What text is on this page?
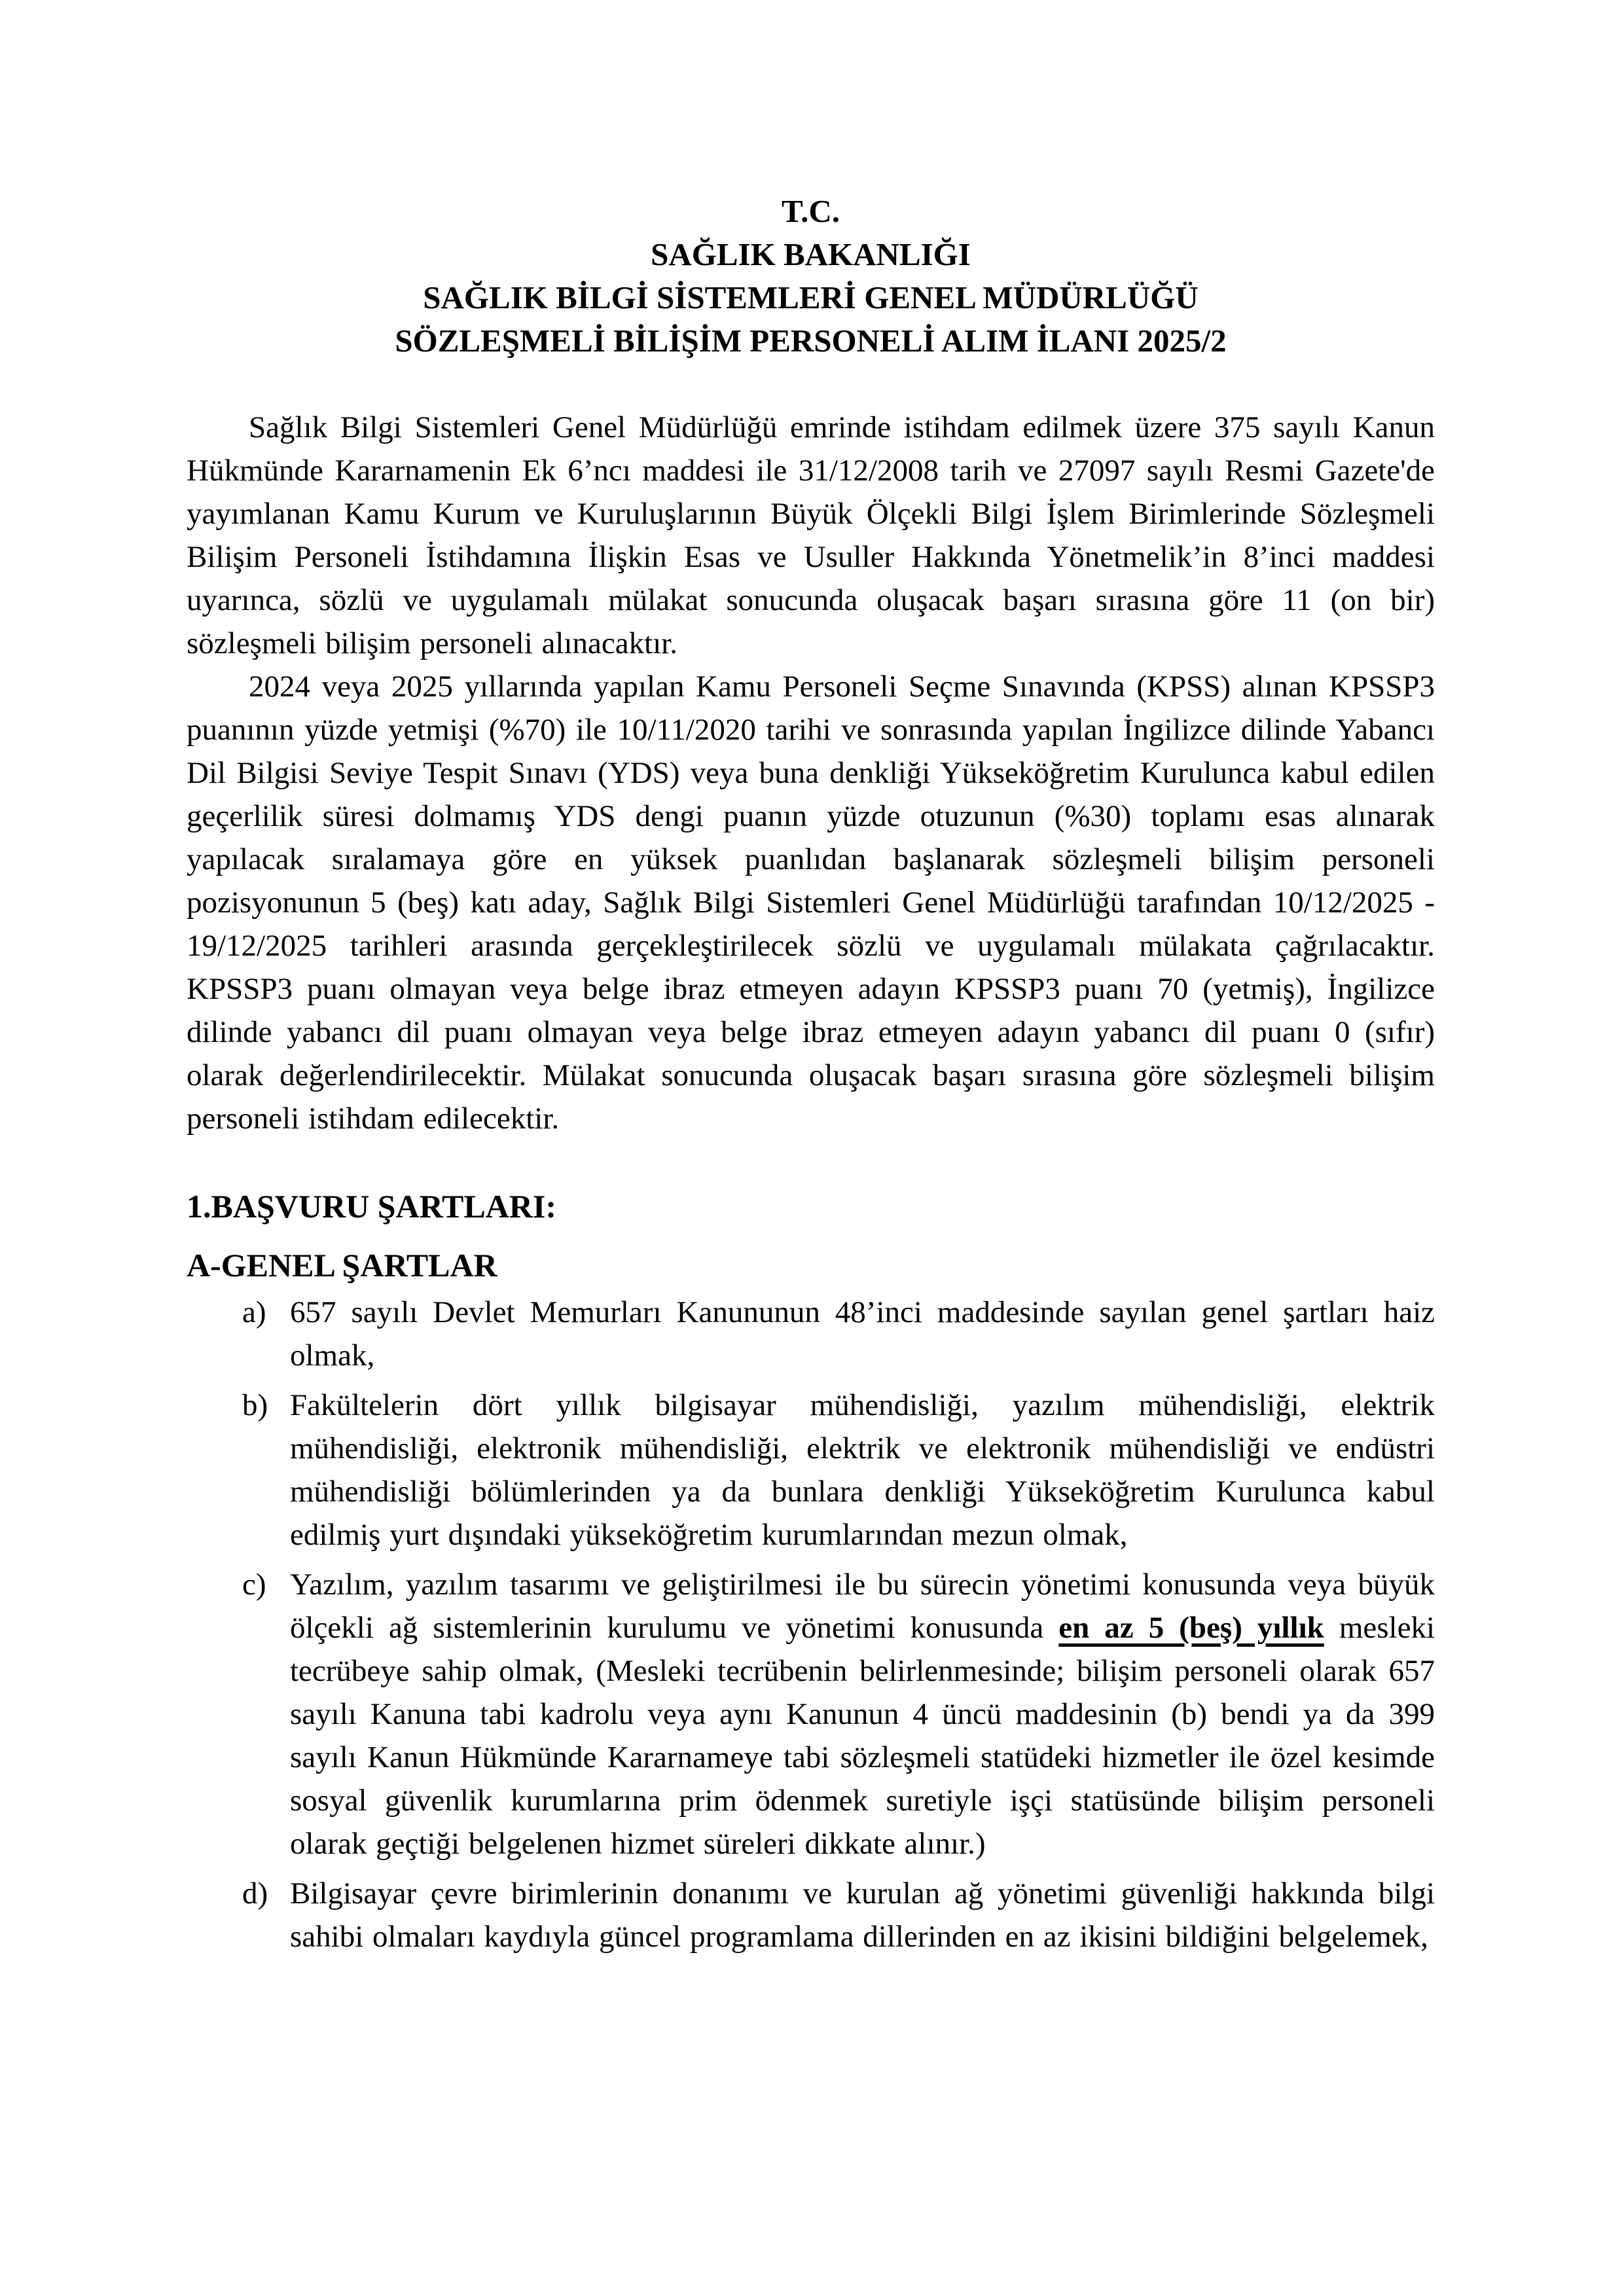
T.C.
SAĞLIK BAKANLIĞI
SAĞLIK BİLGİ SİSTEMLERİ GENEL MÜDÜRLÜĞÜ
SÖZLEŞMELİ BİLİŞİM PERSONELİ ALIM İLANI 2025/2

Sağlık Bilgi Sistemleri Genel Müdürlüğü emrinde istihdam edilmek üzere 375 sayılı Kanun Hükmünde Kararnamenin Ek 6’ncı maddesi ile 31/12/2008 tarih ve 27097 sayılı Resmi Gazete'de yayımlanan Kamu Kurum ve Kuruluşlarının Büyük Ölçekli Bilgi İşlem Birimlerinde Sözleşmeli Bilişim Personeli İstihdamına İlişkin Esas ve Usuller Hakkında Yönetmelik’in 8’inci maddesi uyarınca, sözlü ve uygulamalı mülakat sonucunda oluşacak başarı sırasına göre 11 (on bir) sözleşmeli bilişim personeli alınacaktır.

2024 veya 2025 yıllarında yapılan Kamu Personeli Seçme Sınavında (KPSS) alınan KPSSP3 puanının yüzde yetmişi (%70) ile 10/11/2020 tarihi ve sonrasında yapılan İngilizce dilinde Yabancı Dil Bilgisi Seviye Tespit Sınavı (YDS) veya buna denkliği Yükseköğretim Kurulunca kabul edilen geçerlilik süresi dolmamış YDS dengi puanın yüzde otuzunun (%30) toplamı esas alınarak yapılacak sıralamaya göre en yüksek puanlıdan başlanarak sözleşmeli bilişim personeli pozisyonunun 5 (beş) katı aday, Sağlık Bilgi Sistemleri Genel Müdürlüğü tarafından 10/12/2025 - 19/12/2025 tarihleri arasında gerçekleştirilecek sözlü ve uygulamalı mülakata çağrılacaktır. KPSSP3 puanı olmayan veya belge ibraz etmeyen adayın KPSSP3 puanı 70 (yetmiş), İngilizce dilinde yabancı dil puanı olmayan veya belge ibraz etmeyen adayın yabancı dil puanı 0 (sıfır) olarak değerlendirilecektir. Mülakat sonucunda oluşacak başarı sırasına göre sözleşmeli bilişim personeli istihdam edilecektir.

1.BAŞVURU ŞARTLARI:
A-GENEL ŞARTLAR
a) 657 sayılı Devlet Memurları Kanununun 48’inci maddesinde sayılan genel şartları haiz olmak,
b) Fakültelerin dört yıllık bilgisayar mühendisliği, yazılım mühendisliği, elektrik mühendisliği, elektronik mühendisliği, elektrik ve elektronik mühendisliği ve endüstri mühendisliği bölümlerinden ya da bunlara denkliği Yükseköğretim Kurulunca kabul edilmiş yurt dışındaki yükseköğretim kurumlarından mezun olmak,
c) Yazılım, yazılım tasarımı ve geliştirilmesi ile bu sürecin yönetimi konusunda veya büyük ölçekli ağ sistemlerinin kurulumu ve yönetimi konusunda en az 5 (beş) yıllık mesleki tecrübeye sahip olmak, (Mesleki tecrübenin belirlenmesinde; bilişim personeli olarak 657 sayılı Kanuna tabi kadrolu veya aynı Kanunun 4 üncü maddesinin (b) bendi ya da 399 sayılı Kanun Hükmünde Kararnameye tabi sözleşmeli statüdeki hizmetler ile özel kesimde sosyal güvenlik kurumlarına prim ödenmek suretiyle işçi statüsünde bilişim personeli olarak geçtiği belgelenen hizmet süreleri dikkate alınır.)
d) Bilgisayar çevre birimlerinin donanımı ve kurulan ağ yönetimi güvenliği hakkında bilgi sahibi olmaları kaydıyla güncel programlama dillerinden en az ikisini bildiğini belgelemek,
